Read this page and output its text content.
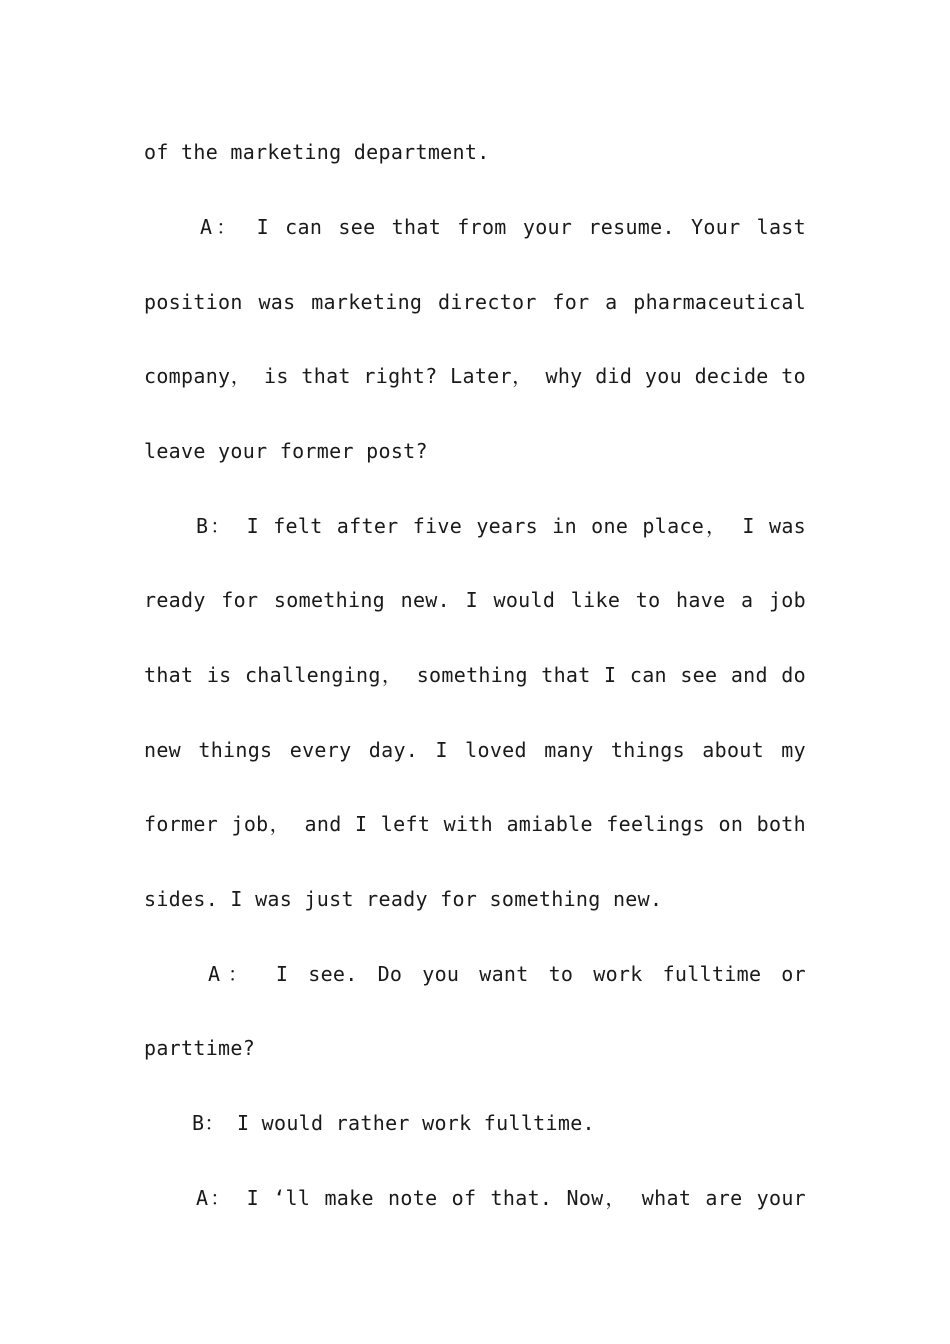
of the marketing department.
A： I can see that from your resume. Your last
position was marketing director for a pharmaceutical
company， is that right? Later， why did you decide to
leave your former post?
B： I felt after five years in one place， I was
ready for something new. I would like to have a job
that is challenging， something that I can see and do
new things every day. I loved many things about my
former job， and I left with amiable feelings on both
sides. I was just ready for something new.
A： I see. Do you want to work fulltime or
parttime?
B： I would rather work fulltime.
A： I ‘ll make note of that. Now， what are your
